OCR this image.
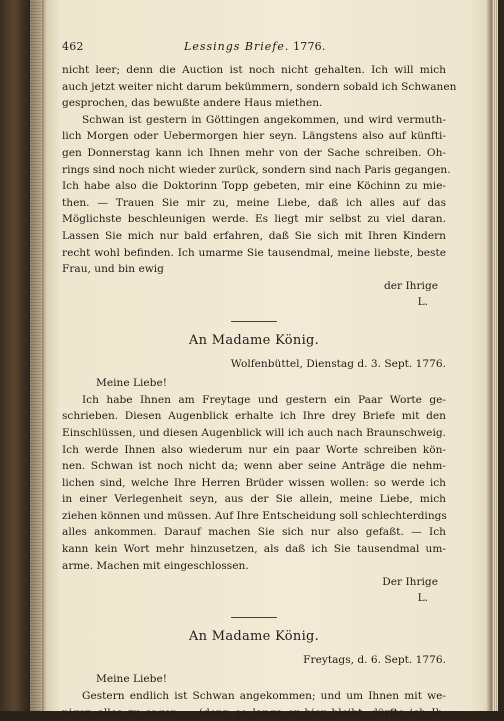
462	Lessings Briefe. 1776.
nicht leer; denn die Auction ist noch nicht gehalten. Ich will mich
auch jetzt weiter nicht darum bekümmern, sondern sobald ich Schwanen
gesprochen, das bewußte andere Haus miethen.
Schwan ist gestern in Göttingen angekommen, und wird vermuth-
lich Morgen oder Uebermorgen hier seyn. Längstens also auf künfti-
gen Donnerstag kann ich Ihnen mehr von der Sache schreiben. Oh-
rings sind noch nicht wieder zurück, sondern sind nach Paris gegangen.
Ich habe also die Doktorinn Topp gebeten, mir eine Köchinn zu mie-
then. — Trauen Sie mir zu, meine Liebe, daß ich alles auf das
Möglichste beschleunigen werde. Es liegt mir selbst zu viel daran.
Lassen Sie mich nur bald erfahren, daß Sie sich mit Ihren Kindern
recht wohl befinden. Ich umarme Sie tausendmal, meine liebste, beste
Frau, und bin ewig
der Ihrige
L.
An Madame König.
Wolfenbüttel, Dienstag d. 3. Sept. 1776.
Meine Liebe!
Ich habe Ihnen am Freytage und gestern ein Paar Worte ge-
schrieben. Diesen Augenblick erhalte ich Ihre drey Briefe mit den
Einschlüssen, und diesen Augenblick will ich auch nach Braunschweig.
Ich werde Ihnen also wiederum nur ein paar Worte schreiben kön-
nen. Schwan ist noch nicht da; wenn aber seine Anträge die nehm-
lichen sind, welche Ihre Herren Brüder wissen wollen: so werde ich
in einer Verlegenheit seyn, aus der Sie allein, meine Liebe, mich
ziehen können und müssen. Auf Ihre Entscheidung soll schlechterdings
alles ankommen. Darauf machen Sie sich nur also gefaßt. — Ich
kann kein Wort mehr hinzusetzen, als daß ich Sie tausendmal um-
arme. Machen mit eingeschlossen.
Der Ihrige
L.
An Madame König.
Freytags, d. 6. Sept. 1776.
Meine Liebe!
Gestern endlich ist Schwan angekommen; und um Ihnen mit we-
nigen alles zu sagen — (denn so lange er hier bleibt, dürfte ich Ih-
